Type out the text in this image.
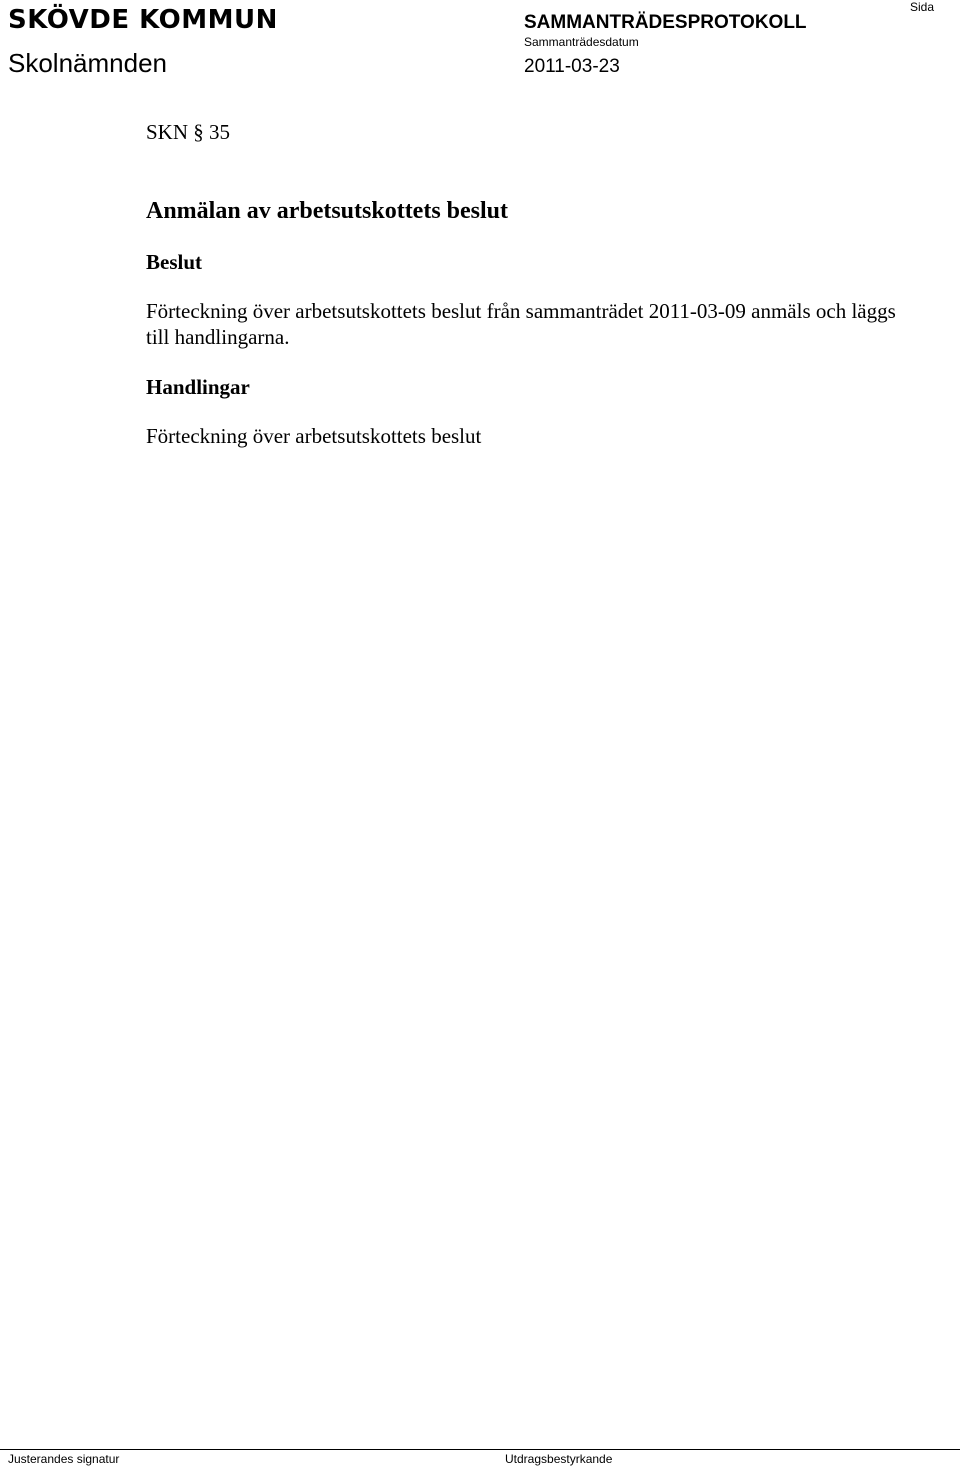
SKÖVDE KOMMUN
Skolnämnden
SAMMANTRÄDESPROTOKOLL
Sammanträdesdatum
2011-03-23
Sida
SKN § 35
Anmälan av arbetsutskottets beslut
Beslut
Förteckning över arbetsutskottets beslut från sammanträdet 2011-03-09 anmäls och läggs till handlingarna.
Handlingar
Förteckning över arbetsutskottets beslut
Justerandes signatur	Utdragsbestyrkande
